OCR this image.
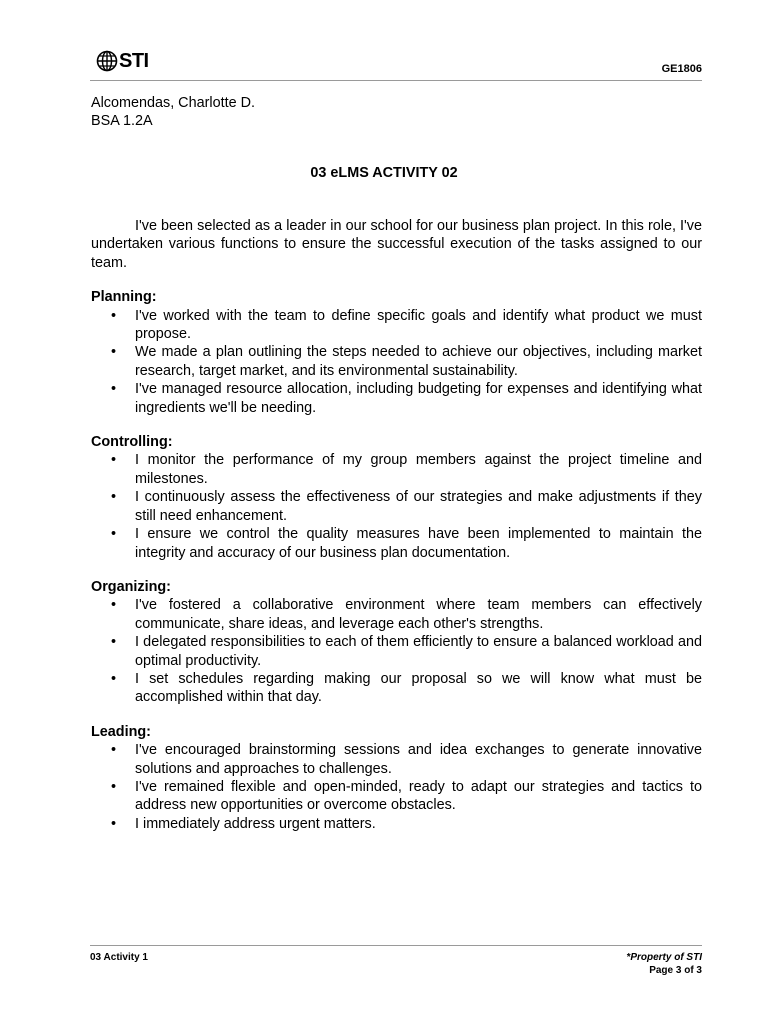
STI	GE1806
Alcomendas, Charlotte D.
BSA 1.2A
03 eLMS ACTIVITY 02

I've been selected as a leader in our school for our business plan project. In this role, I've undertaken various functions to ensure the successful execution of the tasks assigned to our team.

Planning:

• I've worked with the team to define specific goals and identify what product we must propose.
• We made a plan outlining the steps needed to achieve our objectives, including market research, target market, and its environmental sustainability.
• I've managed resource allocation, including budgeting for expenses and identifying what ingredients we'll be needing.

Controlling:

• I monitor the performance of my group members against the project timeline and milestones.
• I continuously assess the effectiveness of our strategies and make adjustments if they still need enhancement.
• I ensure we control the quality measures have been implemented to maintain the integrity and accuracy of our business plan documentation.

Organizing:

• I've fostered a collaborative environment where team members can effectively communicate, share ideas, and leverage each other's strengths.
• I delegated responsibilities to each of them efficiently to ensure a balanced workload and optimal productivity.
• I set schedules regarding making our proposal so we will know what must be accomplished within that day.

Leading:

• I've encouraged brainstorming sessions and idea exchanges to generate innovative solutions and approaches to challenges.
• I've remained flexible and open-minded, ready to adapt our strategies and tactics to address new opportunities or overcome obstacles.
• I immediately address urgent matters.
03 Activity 1	*Property of STI
Page 3 of 3
